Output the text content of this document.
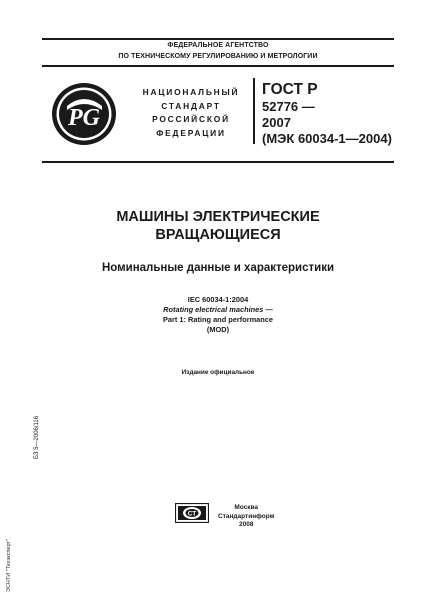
ФЕДЕРАЛЬНОЕ АГЕНТСТВО
ПО ТЕХНИЧЕСКОМУ РЕГУЛИРОВАНИЮ И МЕТРОЛОГИИ
PG
НАЦИОНАЛЬНЫЙ
СТАНДАРТ
РОССИЙСКОЙ
ФЕДЕРАЦИИ
ГОСТ Р
52776 —
2007
(МЭК 60034-1—2004)
МАШИНЫ ЭЛЕКТРИЧЕСКИЕ
ВРАЩАЮЩИЕСЯ
Номинальные данные и характеристики
IEC 60034-1:2004
Rotating electrical machines —
Part 1: Rating and performance
(MOD)
Издание официальное
БЗ 5—2006/116
ЭСНТИ "Техэксперт"
СТ
Москва
Стандартинформ
2008
